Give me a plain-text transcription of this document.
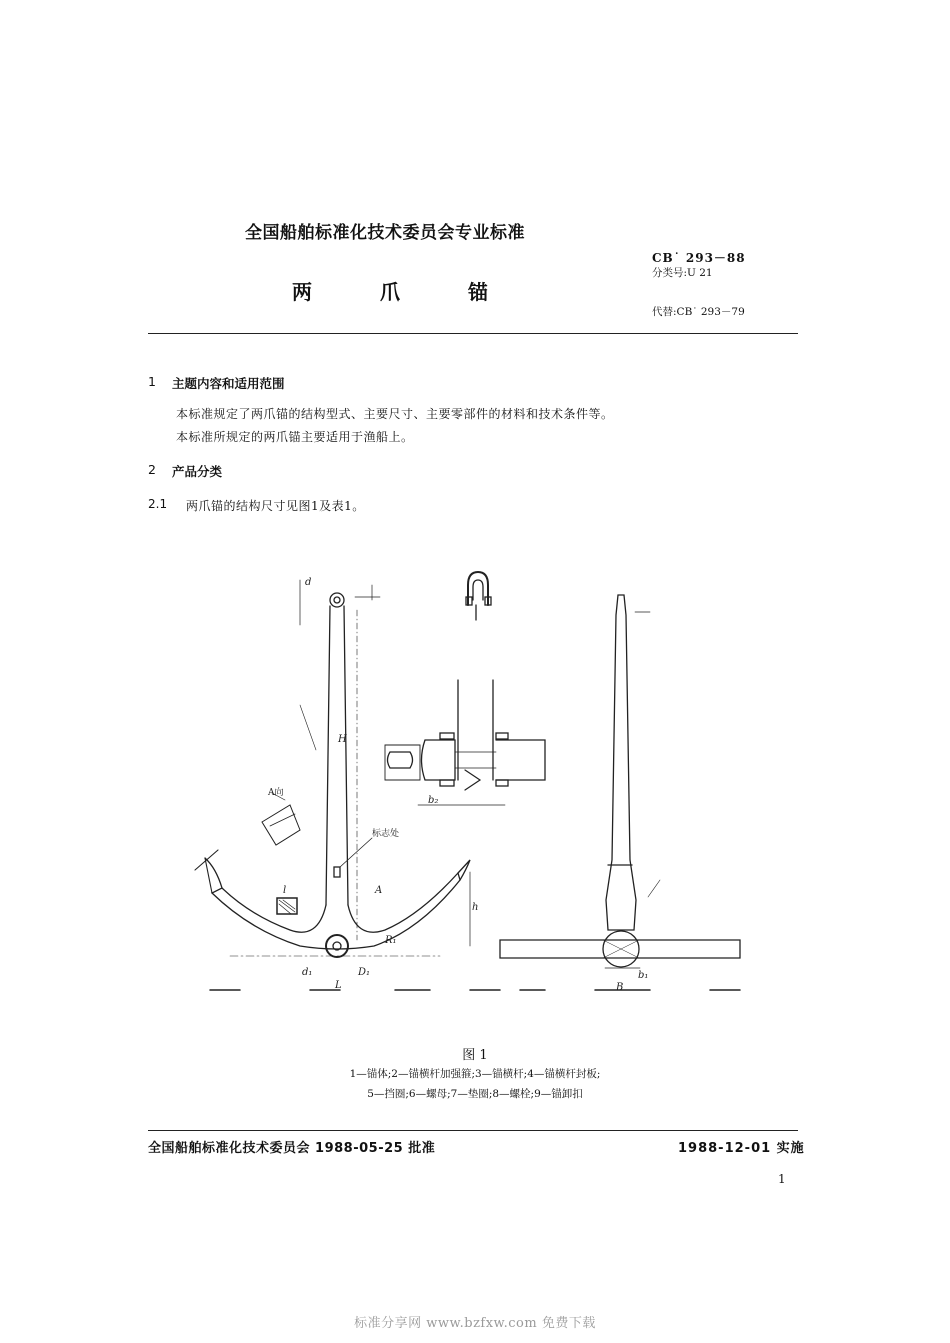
全国船舶标准化技术委员会专业标准
CB˙ 293－88
分类号:U 21
两	爪	锚
代替:CB˙ 293－79
1 主题内容和适用范围
本标准规定了两爪锚的结构型式、主要尺寸、主要零部件的材料和技术条件等。
本标准所规定的两爪锚主要适用于渔船上。
2 产品分类
2.1 两爪锚的结构尺寸见图1及表1。
d
H
A向
标志处
L
D₁
d₁
h
R₁
l	A
B
b₁
b₂
图 1
1—锚体;2—锚横杆加强箍;3—锚横杆;4—锚横杆封板;
5—挡圈;6—螺母;7—垫圈;8—螺栓;9—锚卸扣
全国船舶标准化技术委员会 1988-05-25 批准	1988-12-01 实施
1
标准分享网 www.bzfxw.com 免费下载
